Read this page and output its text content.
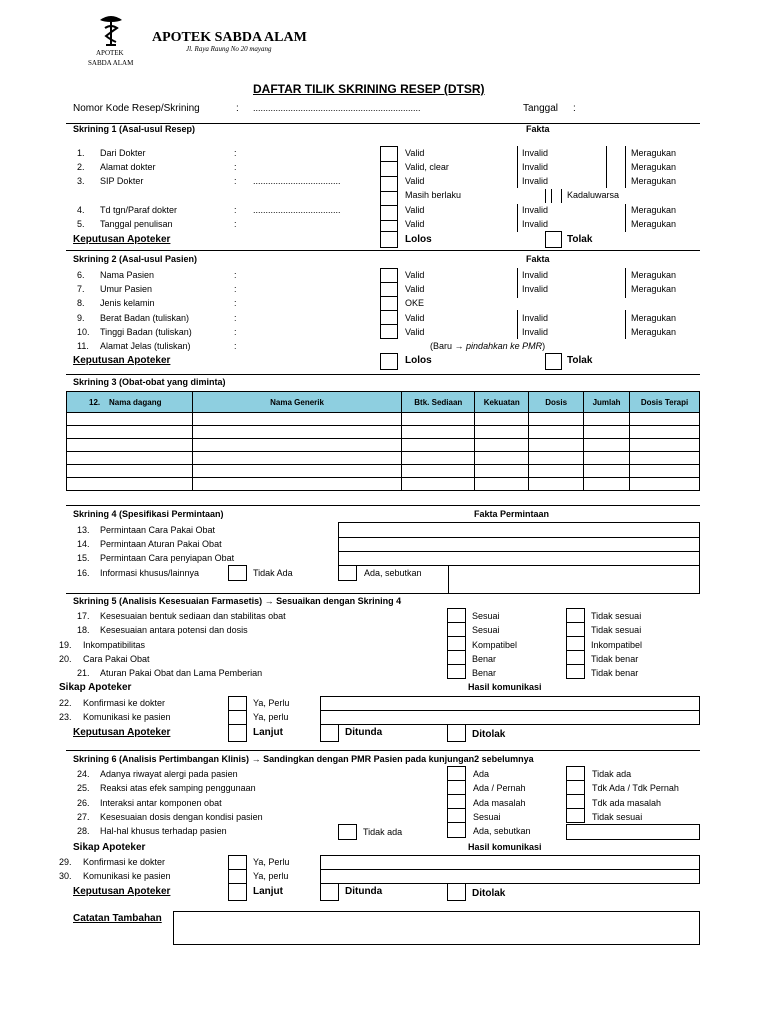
APOTEK
SABDA ALAM
APOTEK SABDA ALAM
Jl. Raya Raung No 20 mayang
DAFTAR TILIK SKRINING RESEP (DTSR)
Nomor Kode Resep/Skrining	: ...................................................................	Tanggal :
Skrining 1 (Asal-usul Resep)	Fakta
1. Dari Dokter	:	Valid	Invalid	Meragukan
2. Alamat dokter	:	Valid, clear	Invalid	Meragukan
3. SIP Dokter	: ...................................	Valid	Invalid	Meragukan
Masih berlaku	Kadaluwarsa
4. Td tgn/Paraf dokter	: ...................................	Valid	Invalid	Meragukan
5. Tanggal penulisan	:	Valid	Invalid	Meragukan
Keputusan Apoteker	Lolos	Tolak
Skrining 2 (Asal-usul Pasien)	Fakta
6. Nama Pasien	:	Valid	Invalid	Meragukan
7. Umur Pasien	:	Valid	Invalid	Meragukan
8. Jenis kelamin	:	OKE
9. Berat Badan (tuliskan)	:	Valid	Invalid	Meragukan
10. Tinggi Badan (tuliskan)	:	Valid	Invalid	Meragukan
11. Alamat Jelas (tuliskan)	:	(Baru → pindahkan ke PMR)
Keputusan Apoteker	Lolos	Tolak
Skrining 3 (Obat-obat yang diminta)
12. Nama dagang	Nama Generik	Btk. Sediaan	Kekuatan	Dosis	Jumlah	Dosis Terapi

Skrining 4 (Spesifikasi Permintaan)	Fakta Permintaan
13. Permintaan Cara Pakai Obat
14. Permintaan Aturan Pakai Obat
15. Permintaan Cara penyiapan Obat
16. Informasi khusus/lainnya	Tidak Ada	Ada, sebutkan
Skrining 5 (Analisis Kesesuaian Farmasetis) → Sesuaikan dengan Skrining 4
17. Kesesuaian bentuk sediaan dan stabilitas obat	Sesuai	Tidak sesuai
18. Kesesuaian antara potensi dan dosis	Sesuai	Tidak sesuai
19. Inkompatibilitas	Kompatibel	Inkompatibel
20. Cara Pakai Obat	Benar	Tidak benar
21. Aturan Pakai Obat dan Lama Pemberian	Benar	Tidak benar
Sikap Apoteker	Hasil komunikasi
22. Konfirmasi ke dokter	Ya, Perlu
23. Komunikasi ke pasien	Ya, perlu
Keputusan Apoteker	Lanjut	Ditunda	Ditolak
Skrining 6 (Analisis Pertimbangan Klinis) → Sandingkan dengan PMR Pasien pada kunjungan2 sebelumnya
24. Adanya riwayat alergi pada pasien	Ada	Tidak ada
25. Reaksi atas efek samping penggunaan	Ada / Pernah	Tdk Ada / Tdk Pernah
26. Interaksi antar komponen obat	Ada masalah	Tdk ada masalah
27. Kesesuaian dosis dengan kondisi pasien	Sesuai	Tidak sesuai
28. Hal-hal khusus terhadap pasien	Tidak ada	Ada, sebutkan
Sikap Apoteker	Hasil komunikasi
29. Konfirmasi ke dokter	Ya, Perlu
30. Komunikasi ke pasien	Ya, perlu
Keputusan Apoteker	Lanjut	Ditunda	Ditolak
Catatan Tambahan
